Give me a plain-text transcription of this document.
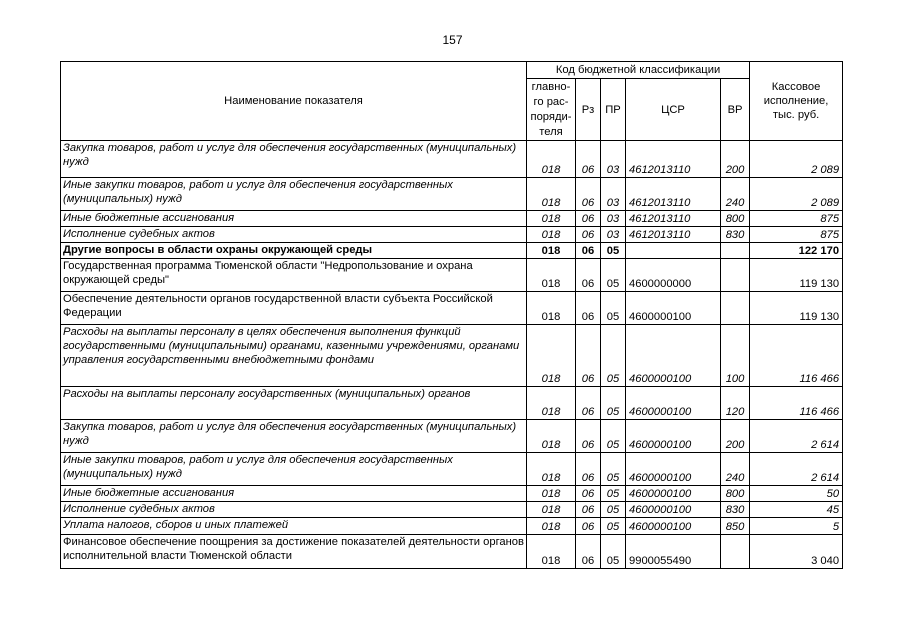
157
Наименование показателя	Код бюджетной классификации					Кассовое исполнение, тыс. руб.
	главно-
го рас-
поряди-
теля	Рз	ПР	ЦСР	ВР	
Закупка товаров, работ и услуг для обеспечения государственных (муниципальных) нужд	018	06	03	4612013110	200	2 089
Иные закупки товаров, работ и услуг для обеспечения государственных (муниципальных) нужд	018	06	03	4612013110	240	2 089
Иные бюджетные ассигнования	018	06	03	4612013110	800	875
Исполнение судебных актов	018	06	03	4612013110	830	875
Другие вопросы в области охраны окружающей среды	018	06	05			122 170
Государственная программа Тюменской области "Недропользование и охрана окружающей среды"	018	06	05	4600000000		119 130
Обеспечение деятельности органов государственной власти субъекта Российской Федерации	018	06	05	4600000100		119 130
Расходы на выплаты персоналу в целях обеспечения выполнения функций государственными (муниципальными) органами, казенными учреждениями, органами управления государственными внебюджетными фондами	018	06	05	4600000100	100	116 466
Расходы на выплаты персоналу государственных (муниципальных) органов	018	06	05	4600000100	120	116 466
Закупка товаров, работ и услуг для обеспечения государственных (муниципальных) нужд	018	06	05	4600000100	200	2 614
Иные закупки товаров, работ и услуг для обеспечения государственных (муниципальных) нужд	018	06	05	4600000100	240	2 614
Иные бюджетные ассигнования	018	06	05	4600000100	800	50
Исполнение судебных актов	018	06	05	4600000100	830	45
Уплата налогов, сборов и иных платежей	018	06	05	4600000100	850	5
Финансовое обеспечение поощрения за достижение показателей деятельности органов исполнительной власти Тюменской области	018	06	05	9900055490		3 040
